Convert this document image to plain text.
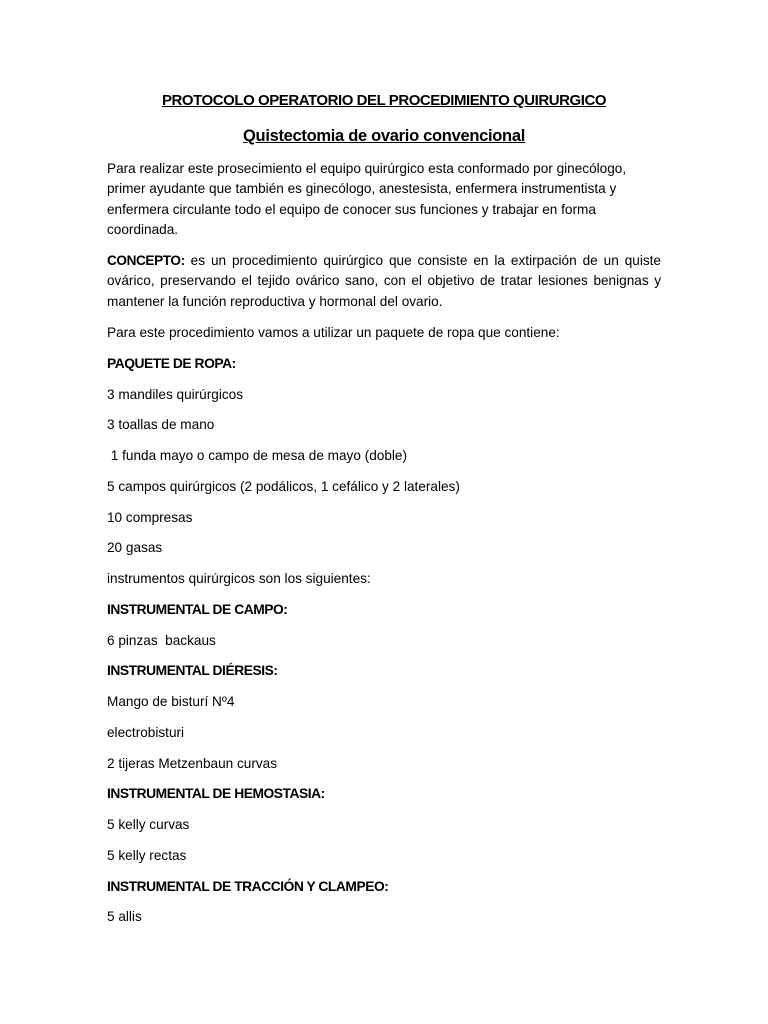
PROTOCOLO OPERATORIO DEL PROCEDIMIENTO QUIRURGICO
Quistectomia de ovario convencional
Para realizar este prosecimiento el equipo quirúrgico esta conformado por ginecólogo,
primer ayudante que también es ginecólogo, anestesista, enfermera instrumentista y
enfermera circulante todo el equipo de conocer sus funciones y trabajar en forma
coordinada.
CONCEPTO: es un procedimiento quirúrgico que consiste en la extirpación de un quiste
ovárico, preservando el tejido ovárico sano, con el objetivo de tratar lesiones benignas y
mantener la función reproductiva y hormonal del ovario.
Para este procedimiento vamos a utilizar un paquete de ropa que contiene:
PAQUETE DE ROPA:
3 mandiles quirúrgicos
3 toallas de mano
1 funda mayo o campo de mesa de mayo (doble)
5 campos quirúrgicos (2 podálicos, 1 cefálico y 2 laterales)
10 compresas
20 gasas
instrumentos quirúrgicos son los siguientes:
INSTRUMENTAL DE CAMPO:
6 pinzas  backaus
INSTRUMENTAL DIÉRESIS:
Mango de bisturí Nº4
electrobisturi
2 tijeras Metzenbaun curvas
INSTRUMENTAL DE HEMOSTASIA:
5 kelly curvas
5 kelly rectas
INSTRUMENTAL DE TRACCIÓN Y CLAMPEO:
5 allis
